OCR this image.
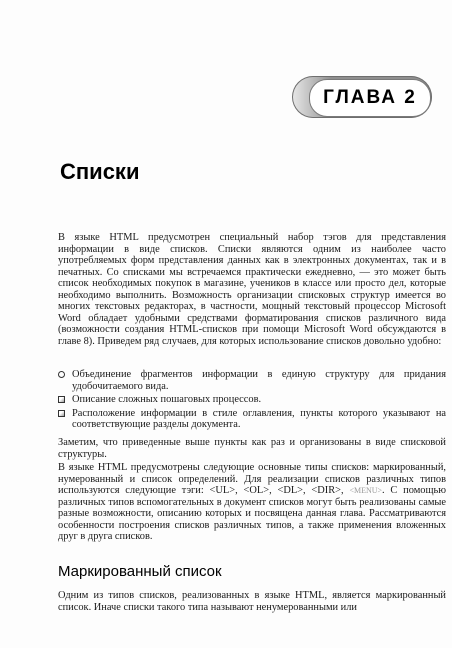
ГЛАВА 2
Списки

В языке HTML предусмотрен специальный набор тэгов для представления информации в виде списков. Списки являются одним из наиболее часто употребляемых форм представления данных как в электронных документах, так и в печатных. Со списками мы встречаемся практически ежедневно, — это может быть список необходимых покупок в магазине, учеников в классе или просто дел, которые необходимо выполнить. Возможность организации списковых структур имеется во многих текстовых редакторах, в частности, мощный текстовый процессор Microsoft Word обладает удобными средствами форматирования списков различного вида (возможности создания HTML-списков при помощи Microsoft Word обсуждаются в главе 8). Приведем ряд случаев, для которых использование списков довольно удобно:

Объединение фрагментов информации в единую структуру для придания удобочитаемого вида.
Описание сложных пошаговых процессов.
Расположение информации в стиле оглавления, пункты которого указывают на соответствующие разделы документа.

Заметим, что приведенные выше пункты как раз и организованы в виде списковой структуры.

В языке HTML предусмотрены следующие основные типы списков: маркированный, нумерованный и список определений. Для реализации списков различных типов используются следующие тэги: <UL>, <OL>, <DL>, <DIR>, <MENU>. С помощью различных типов вспомогательных в документ списков могут быть реализованы самые разные возможности, описанию которых и посвящена данная глава. Рассматриваются особенности построения списков различных типов, а также применения вложенных друг в друга списков.

Маркированный список

Одним из типов списков, реализованных в языке HTML, является маркированный список. Иначе списки такого типа называют ненумерованными или
